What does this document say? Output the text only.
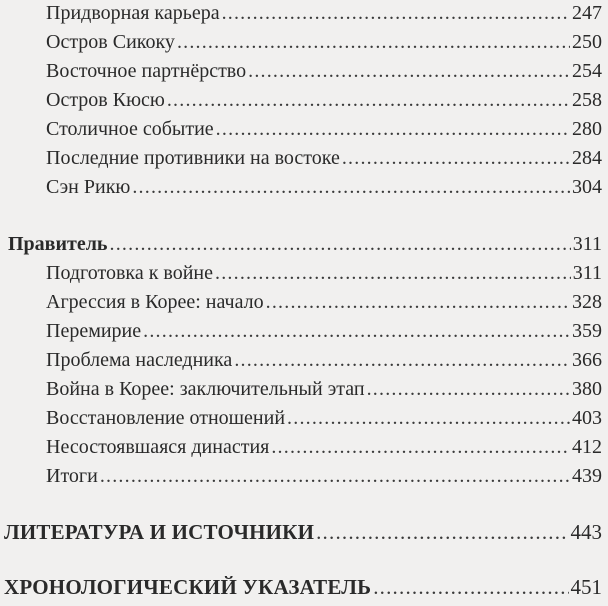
Придворная карьера .....	247
Остров Сикоку .....	250
Восточное партнёрство .....	254
Остров Кюсю .....	258
Столичное событие .....	280
Последние противники на востоке .....	284
Сэн Рикю .....	304
Правитель .....	311
Подготовка к войне .....	311
Агрессия в Корее: начало .....	328
Перемирие .....	359
Проблема наследника .....	366
Война в Корее: заключительный этап .....	380
Восстановление отношений .....	403
Несостоявшаяся династия .....	412
Итоги .....	439
ЛИТЕРАТУРА И ИСТОЧНИКИ .....	443
ХРОНОЛОГИЧЕСКИЙ УКАЗАТЕЛЬ .....	451
